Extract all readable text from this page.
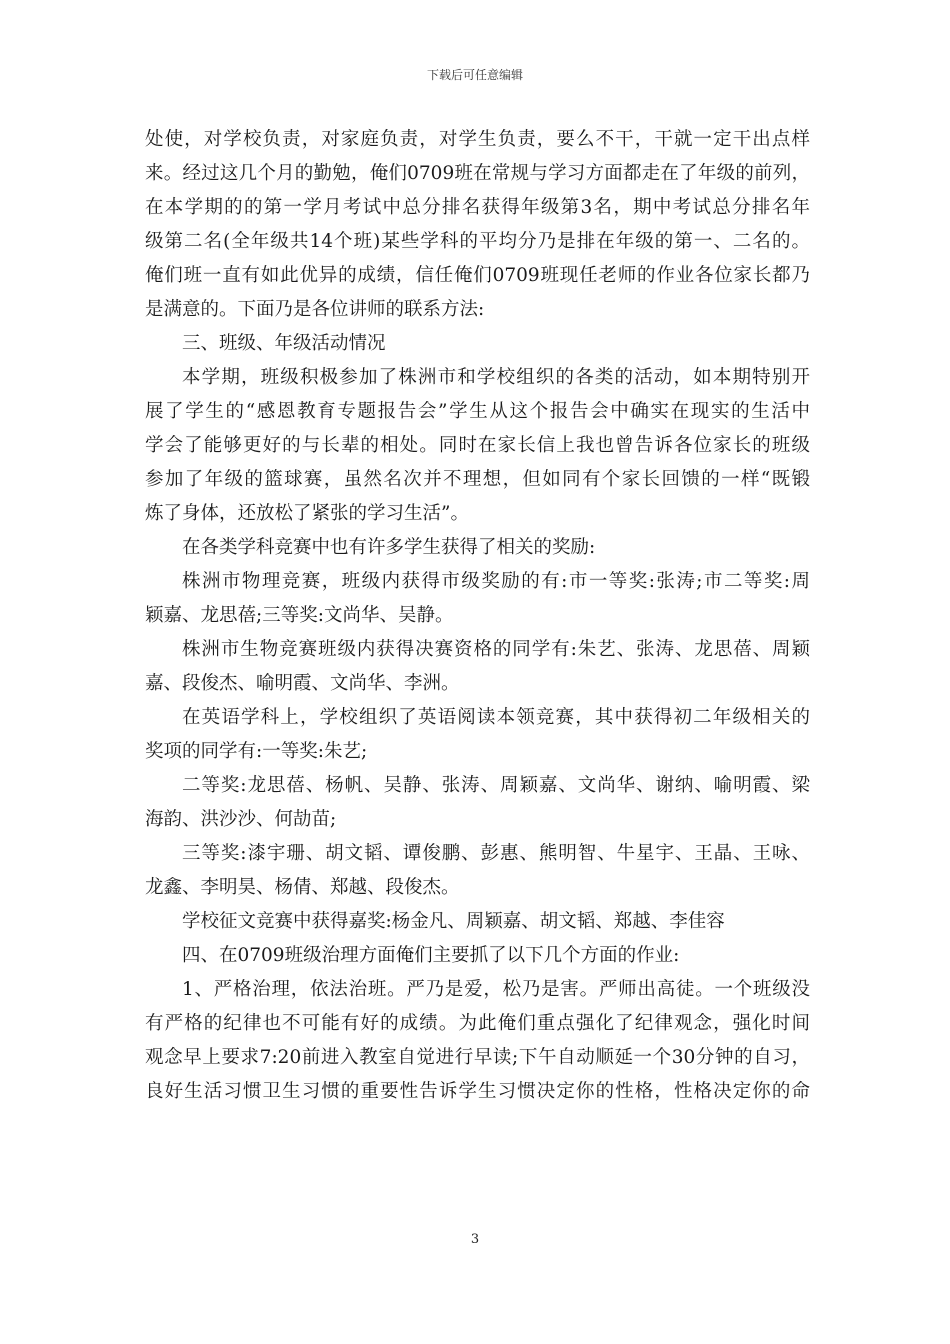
下载后可任意编辑
处使，对学校负责，对家庭负责，对学生负责，要么不干，干就一定干出点样
来。经过这几个月的勤勉，俺们0709班在常规与学习方面都走在了年级的前列，
在本学期的的第一学月考试中总分排名获得年级第3名，期中考试总分排名年
级第二名(全年级共14个班)某些学科的平均分乃是排在年级的第一、二名的。
俺们班一直有如此优异的成绩，信任俺们0709班现任老师的作业各位家长都乃
是满意的。下面乃是各位讲师的联系方法:
三、班级、年级活动情况
本学期，班级积极参加了株洲市和学校组织的各类的活动，如本期特别开
展了学生的“感恩教育专题报告会”学生从这个报告会中确实在现实的生活中
学会了能够更好的与长辈的相处。同时在家长信上我也曾告诉各位家长的班级
参加了年级的篮球赛，虽然名次并不理想，但如同有个家长回馈的一样“既锻
炼了身体，还放松了紧张的学习生活”。
在各类学科竞赛中也有许多学生获得了相关的奖励:
株洲市物理竞赛，班级内获得市级奖励的有:市一等奖:张涛;市二等奖:周
颖嘉、龙思蓓;三等奖:文尚华、吴静。
株洲市生物竞赛班级内获得决赛资格的同学有:朱艺、张涛、龙思蓓、周颖
嘉、段俊杰、喻明霞、文尚华、李洲。
在英语学科上，学校组织了英语阅读本领竞赛，其中获得初二年级相关的
奖项的同学有:一等奖:朱艺;
二等奖:龙思蓓、杨帆、吴静、张涛、周颖嘉、文尚华、谢纳、喻明霞、梁
海韵、洪沙沙、何劼苗;
三等奖:漆宇珊、胡文韬、谭俊鹏、彭惠、熊明智、牛星宇、王晶、王咏、
龙鑫、李明昊、杨倩、郑越、段俊杰。
学校征文竞赛中获得嘉奖:杨金凡、周颖嘉、胡文韬、郑越、李佳容
四、在0709班级治理方面俺们主要抓了以下几个方面的作业:
1、严格治理，依法治班。严乃是爱，松乃是害。严师出高徒。一个班级没
有严格的纪律也不可能有好的成绩。为此俺们重点强化了纪律观念，强化时间
观念早上要求7:20前进入教室自觉进行早读;下午自动顺延一个30分钟的自习，
良好生活习惯卫生习惯的重要性告诉学生习惯决定你的性格，性格决定你的命
3
